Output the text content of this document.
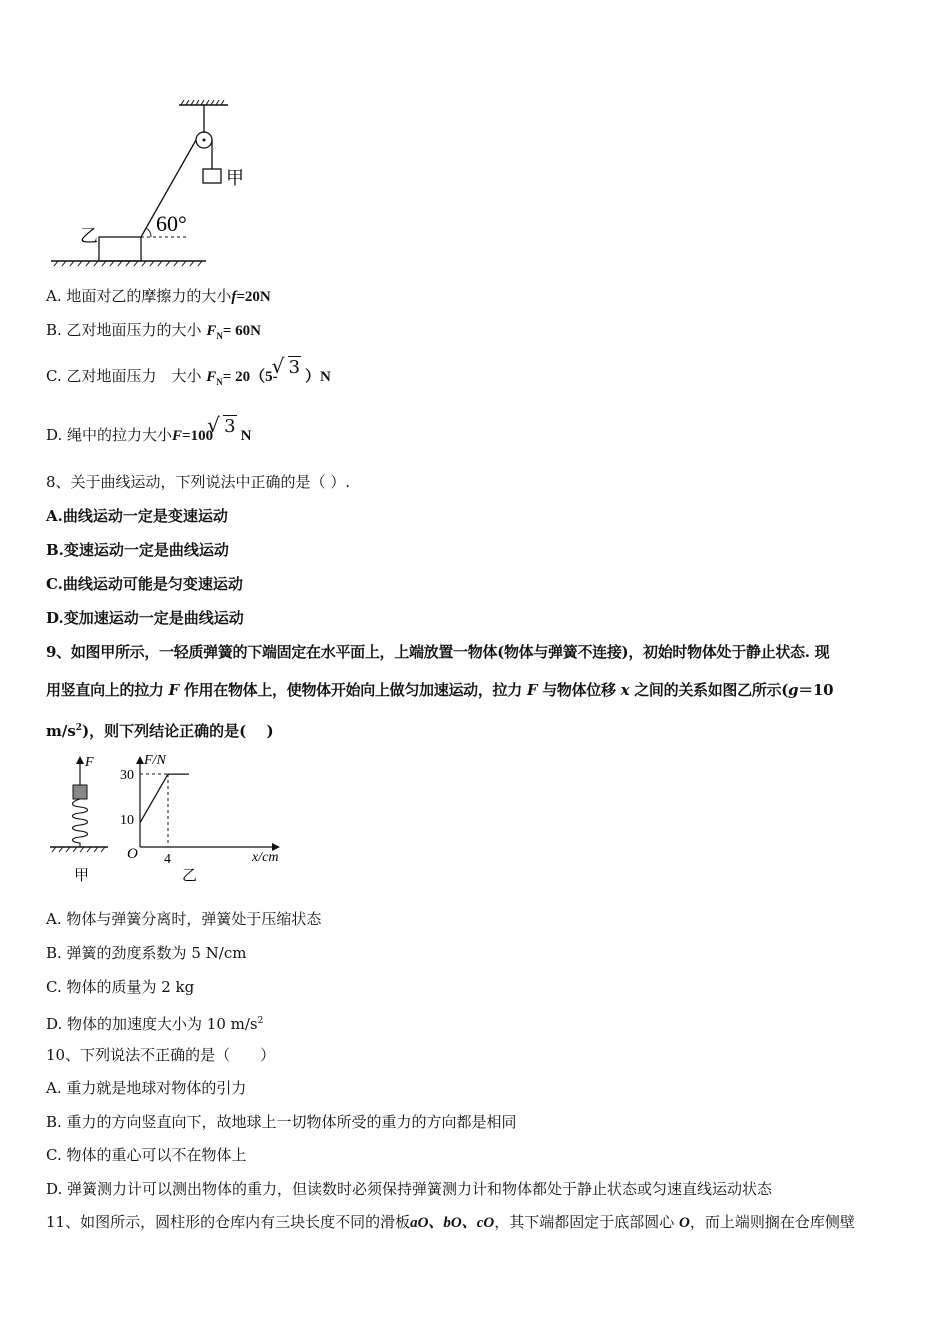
60°
甲
乙
A. 地面对乙的摩擦力的大小f=20N
B. 乙对地面压力的大小 $F_N= 60N$
C. 乙对地面压力　大小 $F_N= 20(5-√$ 3 ）N
D. 绳中的拉力大小F=100√ 3 N
8、关于曲线运动，下列说法中正确的是（ ）.
A.曲线运动一定是变速运动
B.变速运动一定是曲线运动
C.曲线运动可能是匀变速运动
D.变加速运动一定是曲线运动
9、如图甲所示，一轻质弹簧的下端固定在水平面上，上端放置一物体(物体与弹簧不连接)，初始时物体处于静止状态. 现
用竖直向上的拉力 F 作用在物体上，使物体开始向上做匀加速运动，拉力 F 与物体位移 x 之间的关系如图乙所示(g＝10
$m/s^2$)，则下列结论正确的是(　 )
F
甲
F/N
30
10
O 4	x/cm
乙
A. 物体与弹簧分离时，弹簧处于压缩状态
B. 弹簧的劲度系数为 5 N/cm
C. 物体的质量为 2 kg
D. 物体的加速度大小为 10 $m/s^2$
10、下列说法不正确的是（　　）
A. 重力就是地球对物体的引力
B. 重力的方向竖直向下，故地球上一切物体所受的重力的方向都是相同
C. 物体的重心可以不在物体上
D. 弹簧测力计可以测出物体的重力，但读数时必须保持弹簧测力计和物体都处于静止状态或匀速直线运动状态
11、如图所示，圆柱形的仓库内有三块长度不同的滑板aO、bO、cO，其下端都固定于底部圆心 O，而上端则搁在仓库侧壁
